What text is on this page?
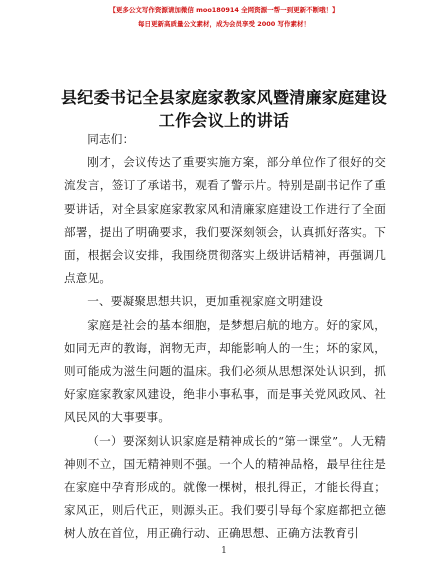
【更多公文写作资源请加微信 moo180914 全网资源一帮一到更新不断哦！】
每日更新高质量公文素材，成为会员享受 2000 写作素材！
县纪委书记全县家庭家教家风暨清廉家庭建设
工作会议上的讲话

同志们：

刚才，会议传达了重要实施方案，部分单位作了很好的交流发言，签订了承诺书，观看了警示片。特别是副书记作了重要讲话，对全县家庭家教家风和清廉家庭建设工作进行了全面部署，提出了明确要求，我们要深刻领会，认真抓好落实。下面，根据会议安排，我围绕贯彻落实上级讲话精神，再强调几点意见。

一、要凝聚思想共识，更加重视家庭文明建设

家庭是社会的基本细胞，是梦想启航的地方。好的家风，如同无声的教诲，润物无声，却能影响人的一生；坏的家风，则可能成为滋生问题的温床。我们必须从思想深处认识到，抓好家庭家教家风建设，绝非小事私事，而是事关党风政风、社风民风的大事要事。

（一）要深刻认识家庭是精神成长的“第一课堂”。人无精神则不立，国无精神则不强。一个人的精神品格，最早往往是在家庭中孕育形成的。就像一棵树，根扎得正，才能长得直；家风正，则后代正，则源头正。我们要引导每个家庭都把立德树人放在首位，用正确行动、正确思想、正确方法教育引

1
